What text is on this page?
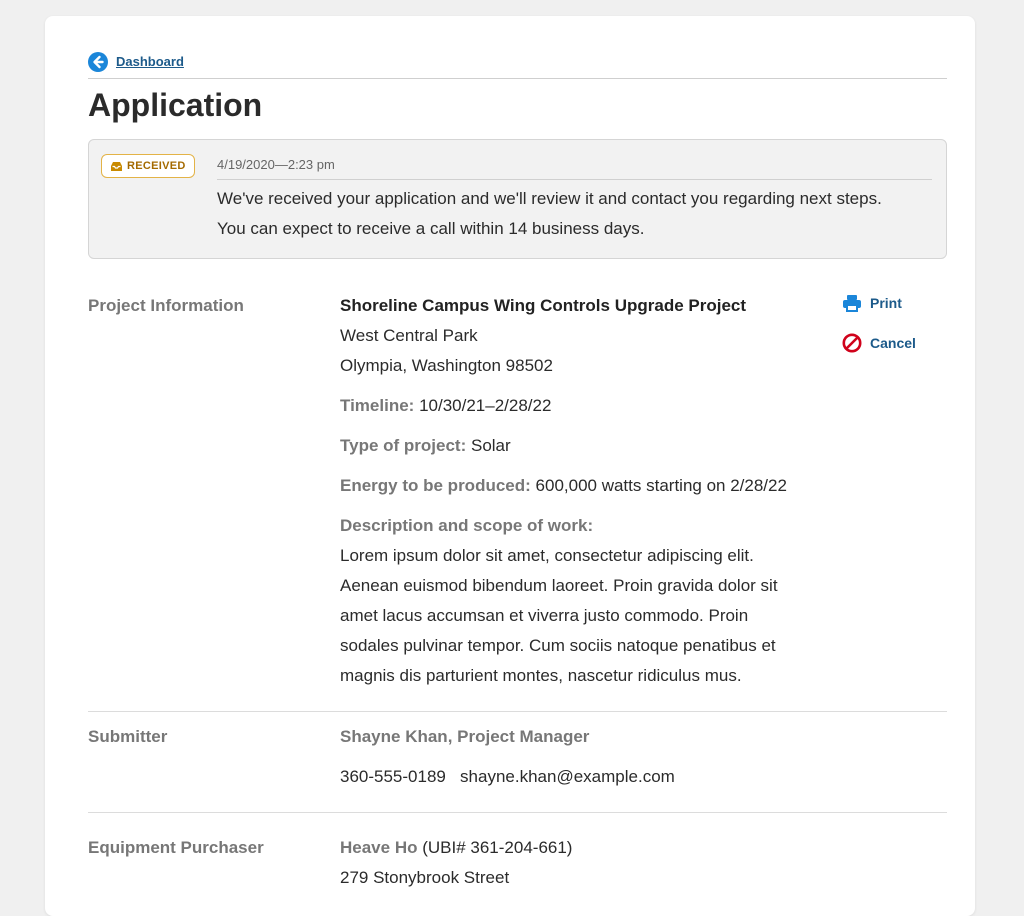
Dashboard
Application
RECEIVED 4/19/2020—2:23 pm
We've received your application and we'll review it and contact you regarding next steps.
You can expect to receive a call within 14 business days.
Project Information	Shoreline Campus Wing Controls Upgrade Project
West Central Park
Olympia, Washington 98502
Timeline: 10/30/21–2/28/22
Type of project: Solar
Energy to be produced: 600,000 watts starting on 2/28/22
Description and scope of work:
Lorem ipsum dolor sit amet, consectetur adipiscing elit.
Aenean euismod bibendum laoreet. Proin gravida dolor sit
amet lacus accumsan et viverra justo commodo. Proin
sodales pulvinar tempor. Cum sociis natoque penatibus et
magnis dis parturient montes, nascetur ridiculus mus.
Print
Cancel
Submitter	Shayne Khan, Project Manager
360-555-0189 shayne.khan@example.com
Equipment Purchaser	Heave Ho (UBI# 361-204-661)
279 Stonybrook Street
